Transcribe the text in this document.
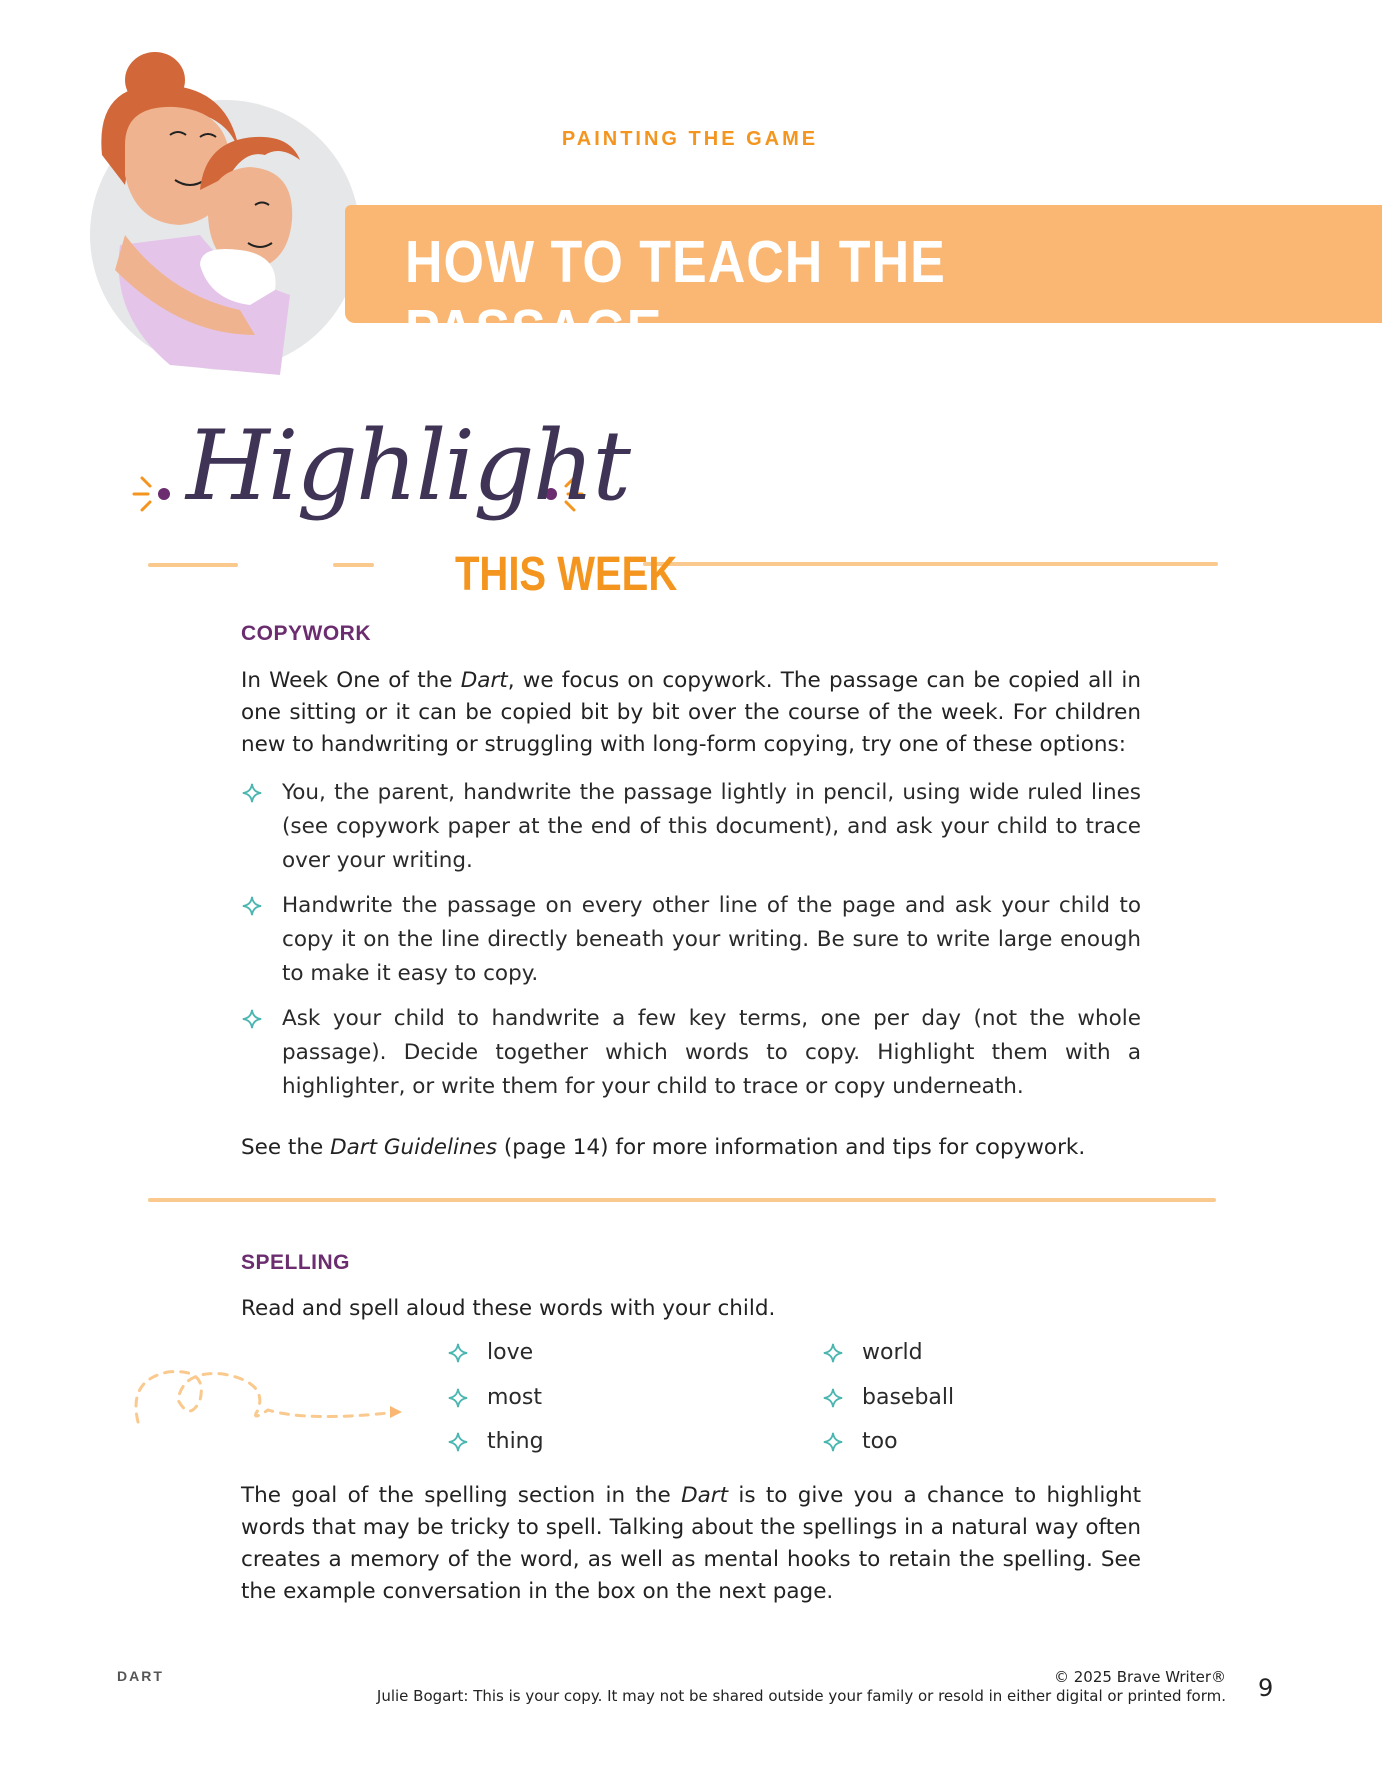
PAINTING THE GAME
HOW TO TEACH THE PASSAGE
Highlight
THIS WEEK
COPYWORK
In Week One of the Dart, we focus on copywork. The passage can be copied all in one sitting or it can be copied bit by bit over the course of the week. For children new to handwriting or struggling with long-form copying, try one of these options:
You, the parent, handwrite the passage lightly in pencil, using wide ruled lines (see copywork paper at the end of this document), and ask your child to trace over your writing.
Handwrite the passage on every other line of the page and ask your child to copy it on the line directly beneath your writing. Be sure to write large enough to make it easy to copy.
Ask your child to handwrite a few key terms, one per day (not the whole passage). Decide together which words to copy. Highlight them with a highlighter, or write them for your child to trace or copy underneath.
See the Dart Guidelines (page 14) for more information and tips for copywork.
SPELLING
Read and spell aloud these words with your child.
love
most
thing
world
baseball
too
The goal of the spelling section in the Dart is to give you a chance to highlight words that may be tricky to spell. Talking about the spellings in a natural way often creates a memory of the word, as well as mental hooks to retain the spelling. See the example conversation in the box on the next page.
DART	© 2025 Brave Writer®
Julie Bogart: This is your copy. It may not be shared outside your family or resold in either digital or printed form. 9
